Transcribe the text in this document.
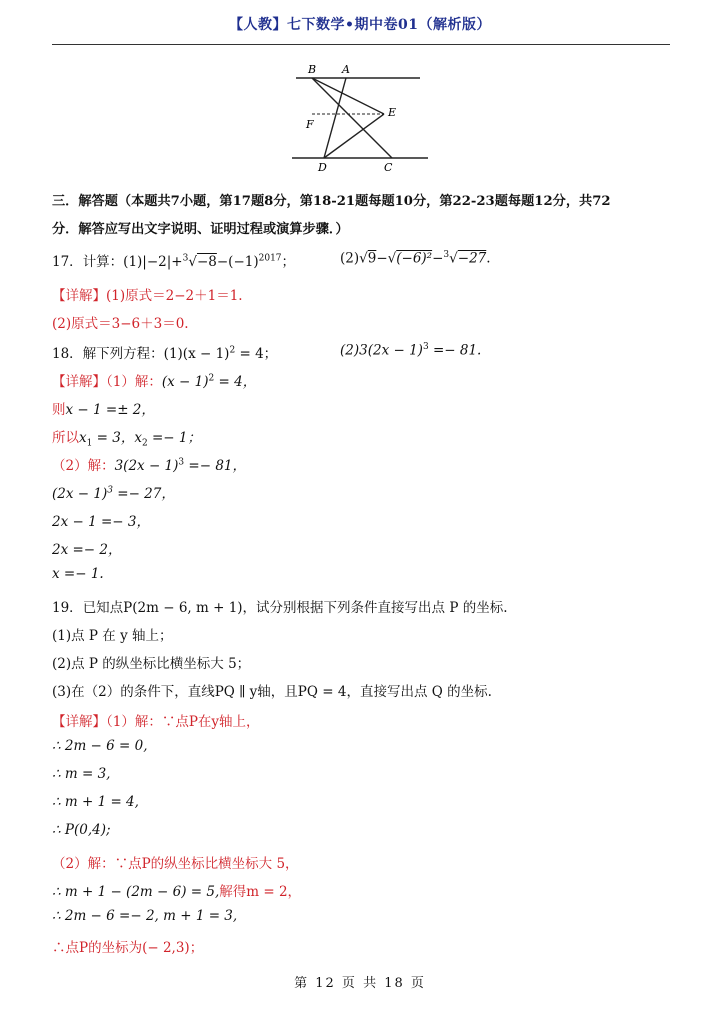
【人教】七下数学•期中卷01（解析版）
B A
E
F
D	C
三．解答题（本题共7小题，第17题8分，第18-21题每题10分，第22-23题每题12分，共72
分．解答应写出文字说明、证明过程或演算步骤．）
17．计算：$(1)|-2|+^3√-8-(-1)^{2017}$；	(2)√9−√(−6)²−$^3$√−27.
【详解】(1)原式＝2−2＋1＝1.
(2)原式＝3−6＋3＝0.
18．解下列方程：$(1)(x - 1)^2 = 4$；	$(2)3(2x - 1)^3 =- 81$.
【详解】（1）解：$(x - 1)^2 = 4$，
则x − 1 =± 2，
所以$x_1 = 3$，$x_2 =- 1$；
（2）解：$3(2x - 1)^3 =- 81$，
$(2x - 1)^3 =- 27$，
2x − 1 =− 3，
2x =− 2，
x =− 1.
19．已知点P(2m − 6, m + 1)，试分别根据下列条件直接写出点 P 的坐标.
(1)点 P 在 y 轴上；
(2)点 P 的纵坐标比横坐标大 5；
(3)在（2）的条件下，直线PQ ∥ y轴，且PQ = 4，直接写出点 Q 的坐标.
【详解】（1）解：∵点P在y轴上，
∴ 2m − 6 = 0,
∴ m = 3,
∴ m + 1 = 4,
∴ P(0,4);
（2）解：∵点P的纵坐标比横坐标大 5，
∴ m + 1 − (2m − 6) = 5,解得m = 2，
∴ 2m − 6 =− 2, m + 1 = 3,
∴点P的坐标为(− 2,3)；
第 12 页 共 18 页
